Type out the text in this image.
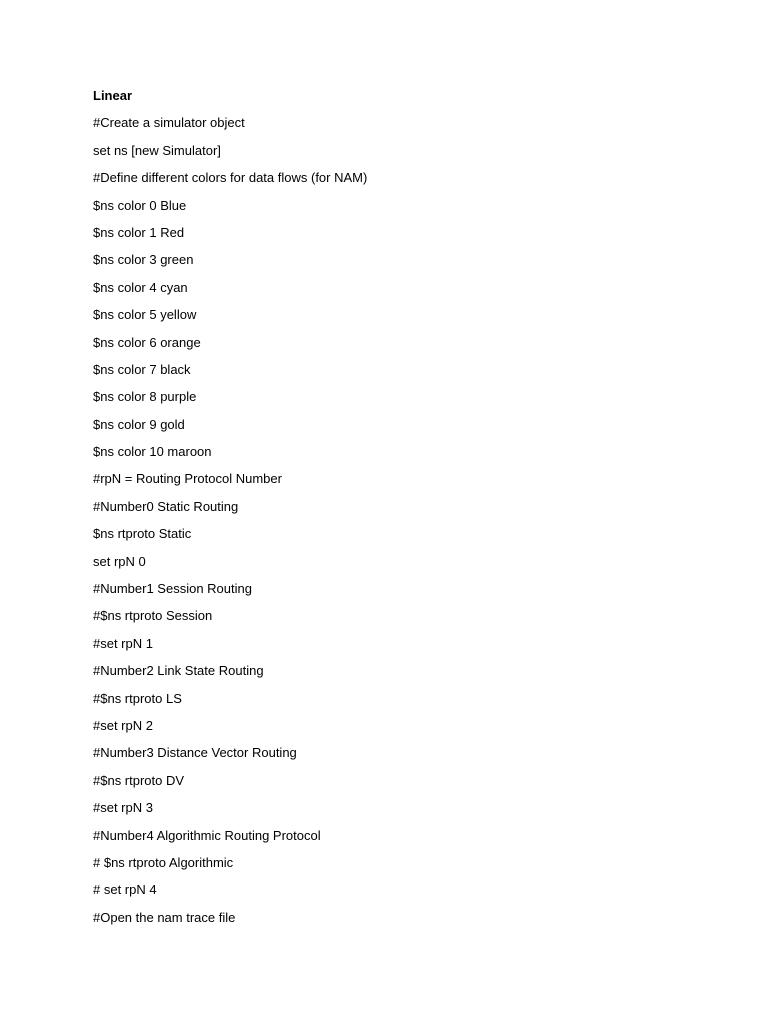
Linear
#Create a simulator object
set ns [new Simulator]
#Define different colors for data flows (for NAM)
$ns color 0 Blue
$ns color 1 Red
$ns color 3 green
$ns color 4 cyan
$ns color 5 yellow
$ns color 6 orange
$ns color 7 black
$ns color 8 purple
$ns color 9 gold
$ns color 10 maroon
#rpN = Routing Protocol Number
#Number0 Static Routing
$ns rtproto Static
set rpN 0
#Number1 Session Routing
#$ns rtproto Session
#set rpN 1
#Number2 Link State Routing
#$ns rtproto LS
#set rpN 2
#Number3 Distance Vector Routing
#$ns rtproto DV
#set rpN 3
#Number4 Algorithmic Routing Protocol
# $ns rtproto Algorithmic
# set rpN 4
#Open the nam trace file
